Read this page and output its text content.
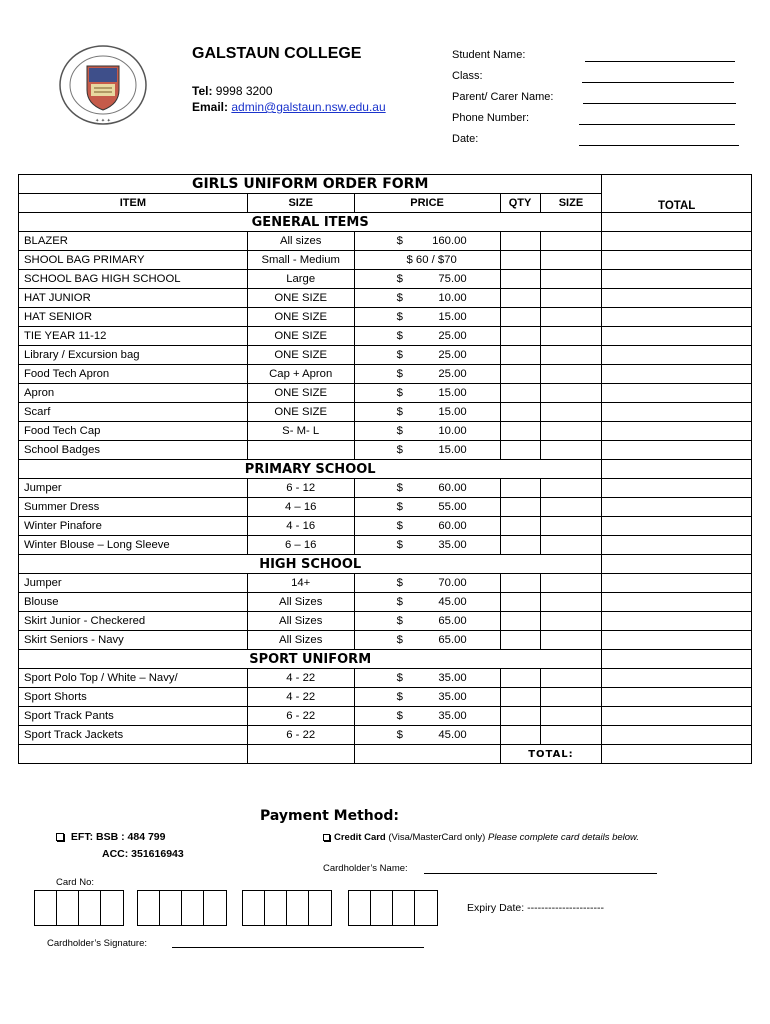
✦ ✦ ✦
GALSTAUN COLLEGE
Tel: 9998 3200
Email: admin@galstaun.nsw.edu.au
Student Name:
Class:
Parent/ Carer Name:
Phone Number:
Date:
GIRLS UNIFORM ORDER FORM					TOTAL
ITEM	SIZE	PRICE	QTY	SIZE	
GENERAL ITEMS					
BLAZER	All sizes	$ 160.00			

SHOOL BAG PRIMARY	Small - Medium	$ 60 / $70			

SCHOOL BAG HIGH SCHOOL	Large	$ 75.00			

HAT JUNIOR	ONE SIZE	$ 10.00			

HAT SENIOR	ONE SIZE	$ 15.00			

TIE YEAR 11-12	ONE SIZE	$ 25.00			

Library / Excursion bag	ONE SIZE	$ 25.00			

Food Tech Apron	Cap + Apron	$ 25.00			

Apron	ONE SIZE	$ 15.00			

Scarf	ONE SIZE	$ 15.00			

Food Tech Cap	S- M- L	$ 10.00			

School Badges		$ 15.00			

PRIMARY SCHOOL					
Jumper	6 - 12	$ 60.00			

Summer Dress	4 – 16	$ 55.00			

Winter Pinafore	4 - 16	$ 60.00			

Winter Blouse – Long Sleeve	6 – 16	$ 35.00			

HIGH SCHOOL					
Jumper	14+	$ 70.00			

Blouse	All Sizes	$ 45.00			

Skirt Junior - Checkered	All Sizes	$ 65.00			

Skirt Seniors - Navy	All Sizes	$ 65.00			

SPORT UNIFORM					
Sport Polo Top / White – Navy/	4 - 22	$ 35.00			

Sport Shorts	4 - 22	$ 35.00			

Sport Track Pants	6 - 22	$ 35.00			

Sport Track Jackets	6 - 22	$ 45.00			

			TOTAL:		
Payment Method:
EFT: BSB : 484 799
ACC: 351616943
Credit Card (Visa/MasterCard only) Please complete card details below.
Cardholder’s Name:
Card No:
Expiry Date: ----------------------
Cardholder’s Signature:
